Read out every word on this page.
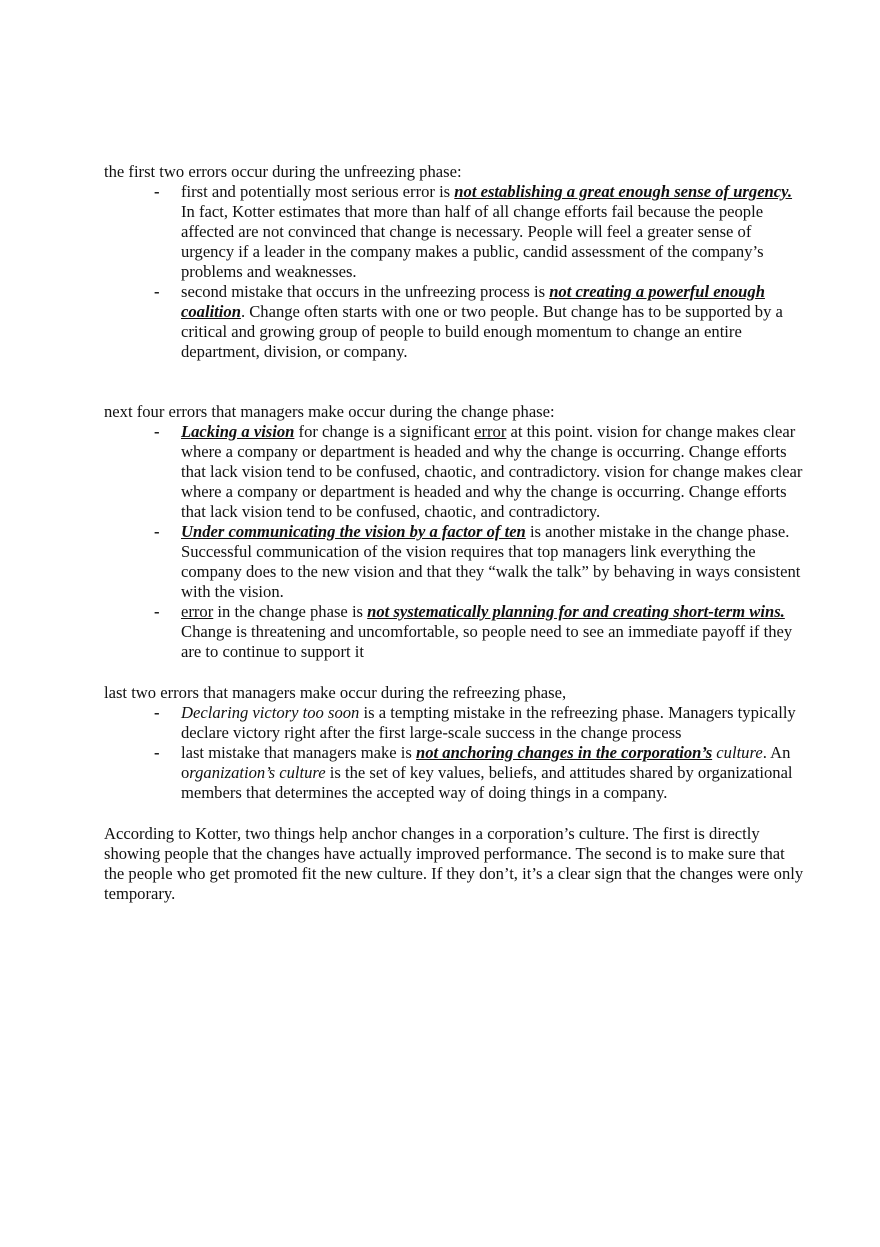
the first two errors occur during the unfreezing phase:

- first and potentially most serious error is not establishing a great enough sense of urgency. In fact, Kotter estimates that more than half of all change efforts fail because the people affected are not convinced that change is necessary. People will feel a greater sense of urgency if a leader in the company makes a public, candid assessment of the company’s problems and weaknesses.
- second mistake that occurs in the unfreezing process is not creating a powerful enough coalition. Change often starts with one or two people. But change has to be supported by a critical and growing group of people to build enough momentum to change an entire department, division, or company.

next four errors that managers make occur during the change phase:

- Lacking a vision for change is a significant error at this point. vision for change makes clear where a company or department is headed and why the change is occurring. Change efforts that lack vision tend to be confused, chaotic, and contradictory. vision for change makes clear where a company or department is headed and why the change is occurring. Change efforts that lack vision tend to be confused, chaotic, and contradictory.
- Under communicating the vision by a factor of ten is another mistake in the change phase. Successful communication of the vision requires that top managers link everything the company does to the new vision and that they “walk the talk” by behaving in ways consistent with the vision.
- error in the change phase is not systematically planning for and creating short-term wins. Change is threatening and uncomfortable, so people need to see an immediate payoff if they are to continue to support it

last two errors that managers make occur during the refreezing phase,

- Declaring victory too soon is a tempting mistake in the refreezing phase. Managers typically declare victory right after the first large-scale success in the change process
- last mistake that managers make is not anchoring changes in the corporation’s culture. An organization’s culture is the set of key values, beliefs, and attitudes shared by organizational members that determines the accepted way of doing things in a company.

According to Kotter, two things help anchor changes in a corporation’s culture. The first is directly showing people that the changes have actually improved performance. The second is to make sure that the people who get promoted fit the new culture. If they don’t, it’s a clear sign that the changes were only temporary.
